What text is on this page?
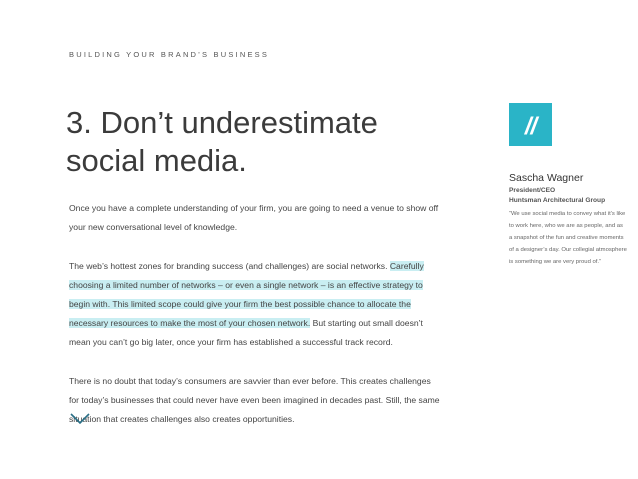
BUILDING YOUR BRAND’S BUSINESS
3. Don’t underestimate
social media.

Once you have a complete understanding of your firm, you are going to need a venue to show off your new conversational level of knowledge.

The web’s hottest zones for branding success (and challenges) are social networks. Carefully choosing a limited number of networks – or even a single network – is an effective strategy to begin with. This limited scope could give your firm the best possible chance to allocate the necessary resources to make the most of your chosen network. But starting out small doesn’t mean you can’t go big later, once your firm has established a successful track record.

There is no doubt that today’s consumers are savvier than ever before. This creates challenges for today’s businesses that could never have even been imagined in decades past. Still, the same situation that creates challenges also creates opportunities.

//
Sascha Wagner
President/CEO
Huntsman Architectural Group
“We use social media to convey what it’s like to work here, who we are as people, and as a snapshot of the fun and creative moments of a designer’s day. Our collegial atmosphere is something we are very proud of.”
